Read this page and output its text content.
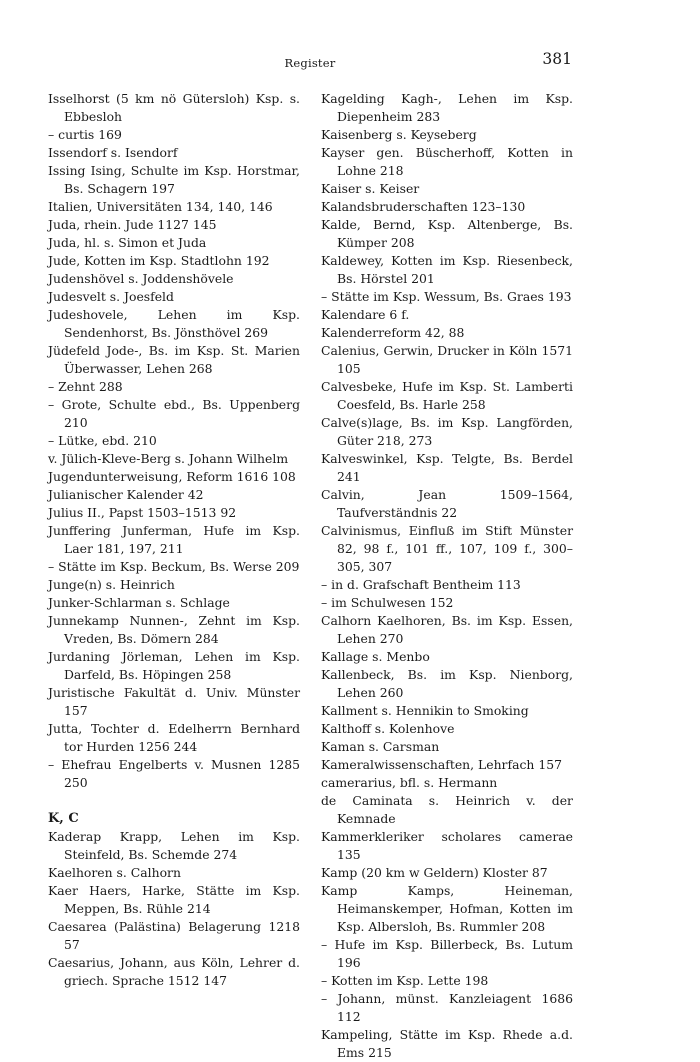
Register	381

Isselhorst (5 km nö Gütersloh) Ksp. s. Ebbesloh

– curtis 169

Issendorf s. Isendorf

Issing Ising, Schulte im Ksp. Horstmar, Bs. Schagern 197

Italien, Universitäten 134, 140, 146

Juda, rhein. Jude 1127 145

Juda, hl. s. Simon et Juda

Jude, Kotten im Ksp. Stadtlohn 192

Judenshövel s. Joddenshövele

Judesvelt s. Joesfeld

Judeshovele, Lehen im Ksp. Sendenhorst, Bs. Jönsthövel 269

Jüdefeld Jode-, Bs. im Ksp. St. Marien Überwasser, Lehen 268

– Zehnt 288

– Grote, Schulte ebd., Bs. Uppenberg 210

– Lütke, ebd. 210

v. Jülich-Kleve-Berg s. Johann Wilhelm

Jugendunterweisung, Reform 1616 108

Julianischer Kalender 42

Julius II., Papst 1503–1513 92

Junffering Junferman, Hufe im Ksp. Laer 181, 197, 211

– Stätte im Ksp. Beckum, Bs. Werse 209

Junge(n) s. Heinrich

Junker-Schlarman s. Schlage

Junnekamp Nunnen-, Zehnt im Ksp. Vreden, Bs. Dömern 284

Jurdaning Jörleman, Lehen im Ksp. Darfeld, Bs. Höpingen 258

Juristische Fakultät d. Univ. Münster 157

Jutta, Tochter d. Edelherrn Bernhard tor Hurden 1256 244

– Ehefrau Engelberts v. Musnen 1285 250

K, C

Kaderap Krapp, Lehen im Ksp. Steinfeld, Bs. Schemde 274

Kaelhoren s. Calhorn

Kaer Haers, Harke, Stätte im Ksp. Meppen, Bs. Rühle 214

Caesarea (Palästina) Belagerung 1218 57

Caesarius, Johann, aus Köln, Lehrer d. griech. Sprache 1512 147

Kagelding Kagh-, Lehen im Ksp. Diepenheim 283

Kaisenberg s. Keyseberg

Kayser gen. Büscherhoff, Kotten in Lohne 218

Kaiser s. Keiser

Kalandsbruderschaften 123–130

Kalde, Bernd, Ksp. Altenberge, Bs. Kümper 208

Kaldewey, Kotten im Ksp. Riesenbeck, Bs. Hörstel 201

– Stätte im Ksp. Wessum, Bs. Graes 193

Kalendare 6 f.

Kalenderreform 42, 88

Calenius, Gerwin, Drucker in Köln 1571 105

Calvesbeke, Hufe im Ksp. St. Lamberti Coesfeld, Bs. Harle 258

Calve(s)lage, Bs. im Ksp. Langförden, Güter 218, 273

Kalveswinkel, Ksp. Telgte, Bs. Berdel 241

Calvin, Jean 1509–1564, Taufverständnis 22

Calvinismus, Einfluß im Stift Münster 82, 98 f., 101 ff., 107, 109 f., 300–305, 307

– in d. Grafschaft Bentheim 113

– im Schulwesen 152

Calhorn Kaelhoren, Bs. im Ksp. Essen, Lehen 270

Kallage s. Menbo

Kallenbeck, Bs. im Ksp. Nienborg, Lehen 260

Kallment s. Hennikin to Smoking

Kalthoff s. Kolenhove

Kaman s. Carsman

Kameralwissenschaften, Lehrfach 157

camerarius, bfl. s. Hermann

de Caminata s. Heinrich v. der Kemnade

Kammerkleriker scholares camerae 135

Kamp (20 km w Geldern) Kloster 87

Kamp Kamps, Heineman, Heimanskemper, Hofman, Kotten im Ksp. Albersloh, Bs. Rummler 208

– Hufe im Ksp. Billerbeck, Bs. Lutum 196

– Kotten im Ksp. Lette 198

– Johann, münst. Kanzleiagent 1686 112

Kampeling, Stätte im Ksp. Rhede a.d. Ems 215
